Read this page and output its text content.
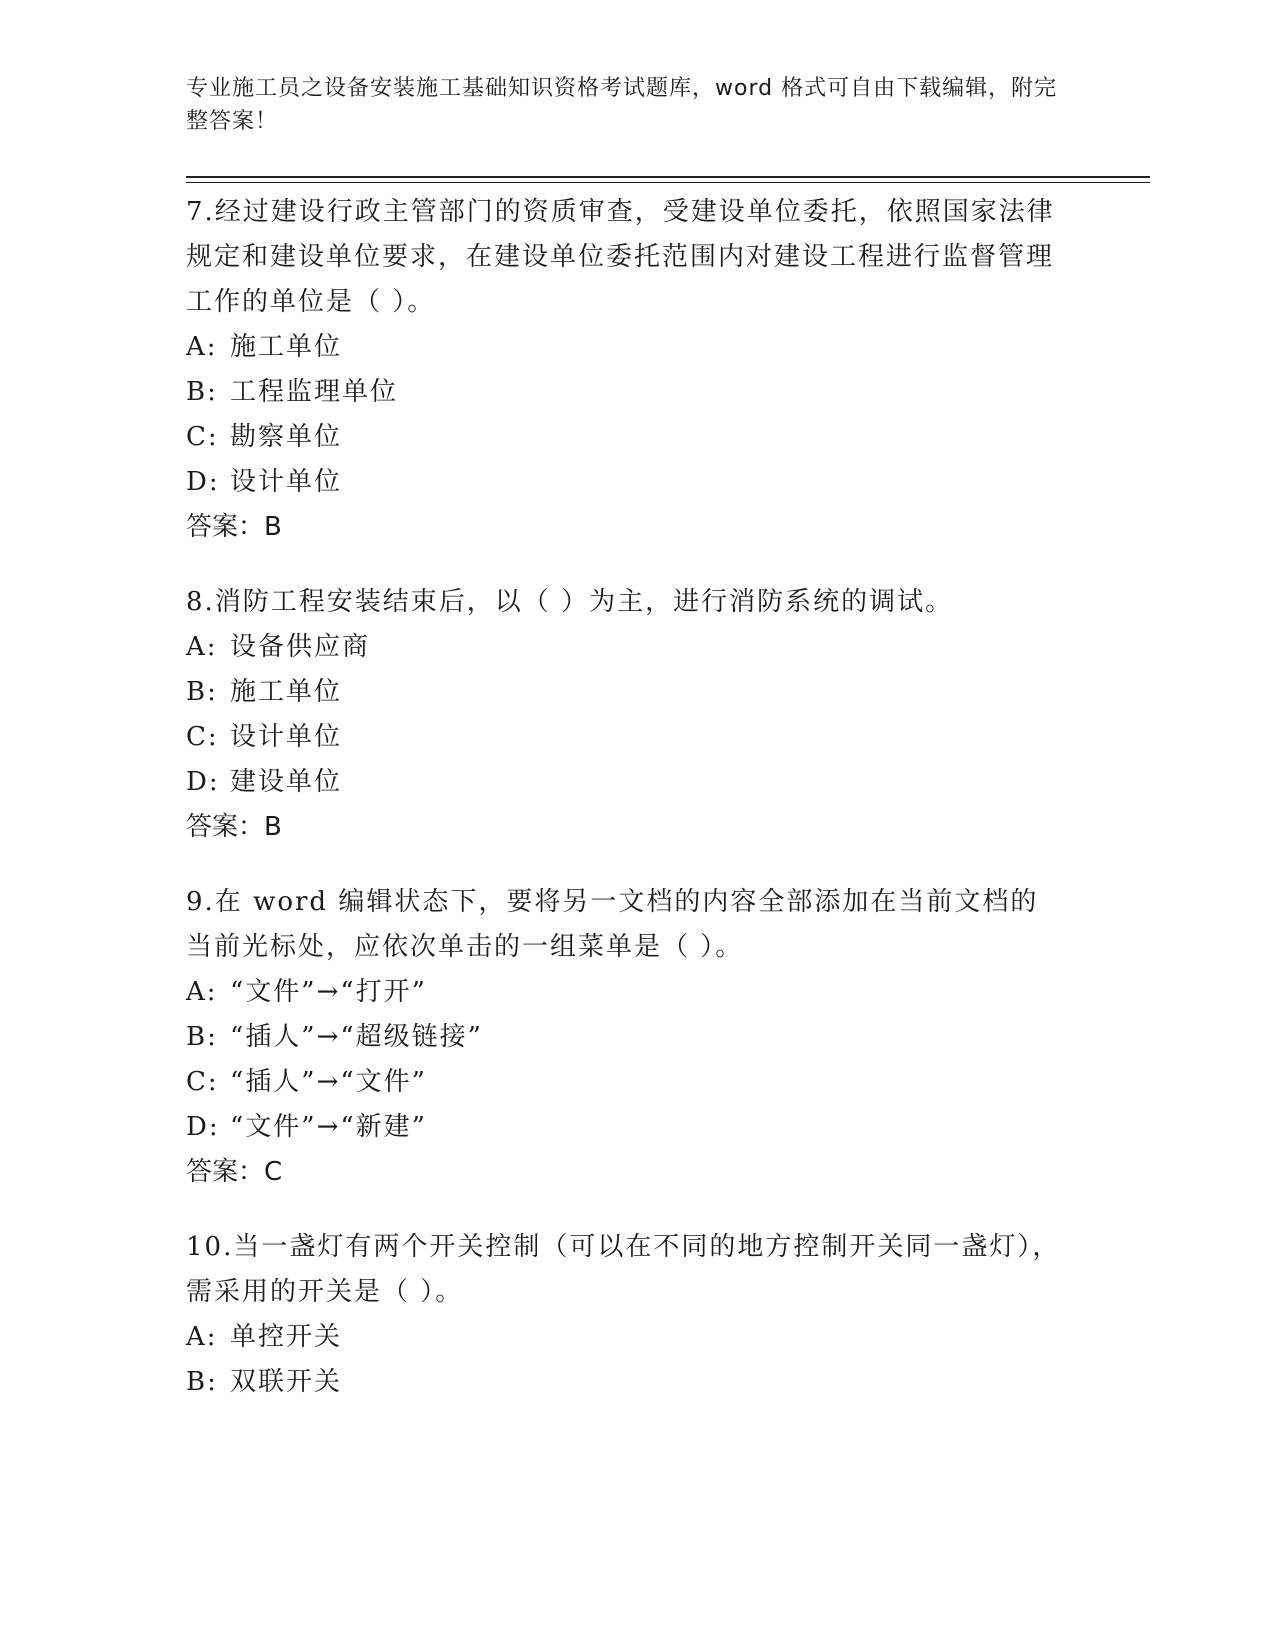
专业施工员之设备安装施工基础知识资格考试题库，word 格式可自由下载编辑，附完整答案！

7.经过建设行政主管部门的资质审查，受建设单位委托，依照国家法律规定和建设单位要求，在建设单位委托范围内对建设工程进行监督管理工作的单位是（ ）。

A: 施工单位
B: 工程监理单位
C: 勘察单位
D: 设计单位

答案：B

8.消防工程安装结束后，以（ ）为主，进行消防系统的调试。

A: 设备供应商
B: 施工单位
C: 设计单位
D: 建设单位

答案：B

9.在 word 编辑状态下，要将另一文档的内容全部添加在当前文档的当前光标处，应依次单击的一组菜单是（ ）。

A: “文件”→“打开”
B: “插人”→“超级链接”
C: “插人”→“文件”
D: “文件”→“新建”

答案：C

10.当一盏灯有两个开关控制（可以在不同的地方控制开关同一盏灯），需采用的开关是（ ）。

A: 单控开关
B: 双联开关
